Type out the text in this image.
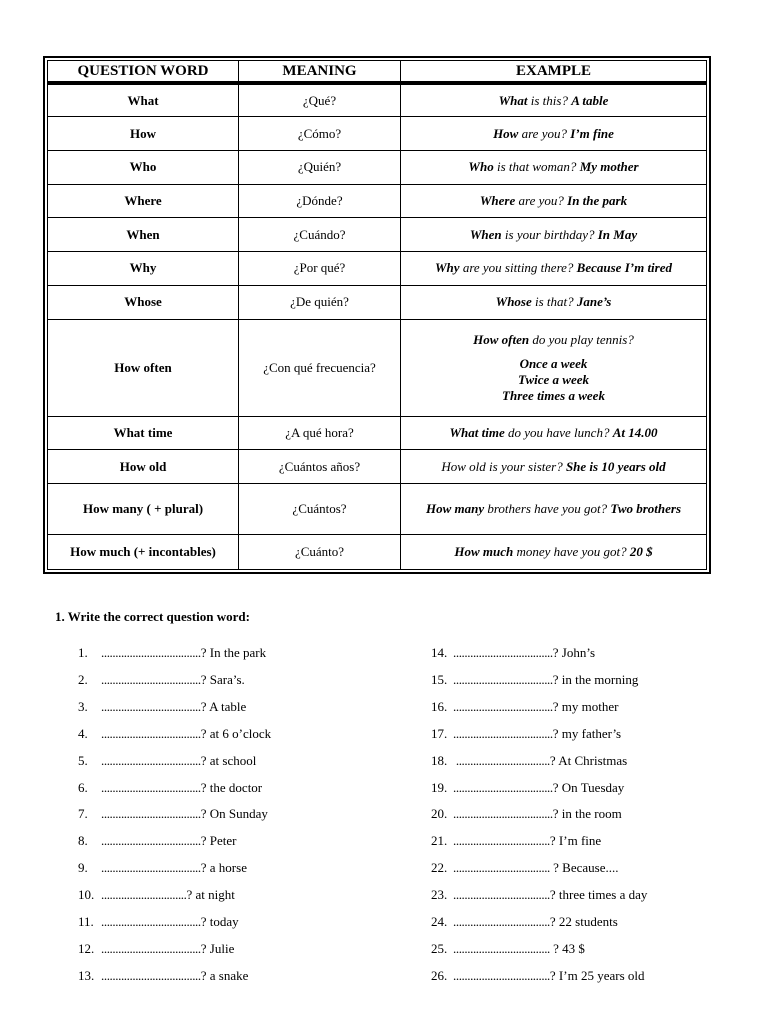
QUESTION WORD	MEANING	EXAMPLE
What	¿Qué?	What is this? A table

How	¿Cómo?	How are you? I’m fine

Who	¿Quién?	Who is that woman? My mother

Where	¿Dónde?	Where are you? In the park

When	¿Cuándo?	When is your birthday? In May

Why	¿Por qué?	Why are you sitting there? Because I’m tired

Whose	¿De quién?	Whose is that? Jane’s

How often	¿Con qué frecuencia?	How often do you play tennis?
Once a week
Twice a week
Three times a week

What time	¿A qué hora?	What time do you have lunch? At 14.00

How old	¿Cuántos años?	How old is your sister? She is 10 years old

How many ( + plural)	¿Cuántos?	How many brothers have you got? Two brothers

How much (+ incontables)	¿Cuánto?	How much money have you got? 20 $

1. Write the correct question word:

1. ...................................? In the park
2. ...................................? Sara’s.
3. ...................................? A table
4. ...................................? at 6 o’clock
5. ...................................? at school
6. ...................................? the doctor
7. ...................................? On Sunday
8. ...................................? Peter
9. ...................................? a horse
10. ..............................? at night
11. ...................................? today
12. ...................................? Julie
13. ...................................? a snake
14. ...................................? John’s
15. ...................................? in the morning
16. ...................................? my mother
17. ...................................? my father’s
18. .................................? At Christmas
19. ...................................? On Tuesday
20. ...................................? in the room
21. ..................................? I’m fine
22. .................................. ? Because....
23. ..................................? three times a day
24. ..................................? 22 students
25. .................................. ? 43 $
26. ..................................? I’m 25 years old
